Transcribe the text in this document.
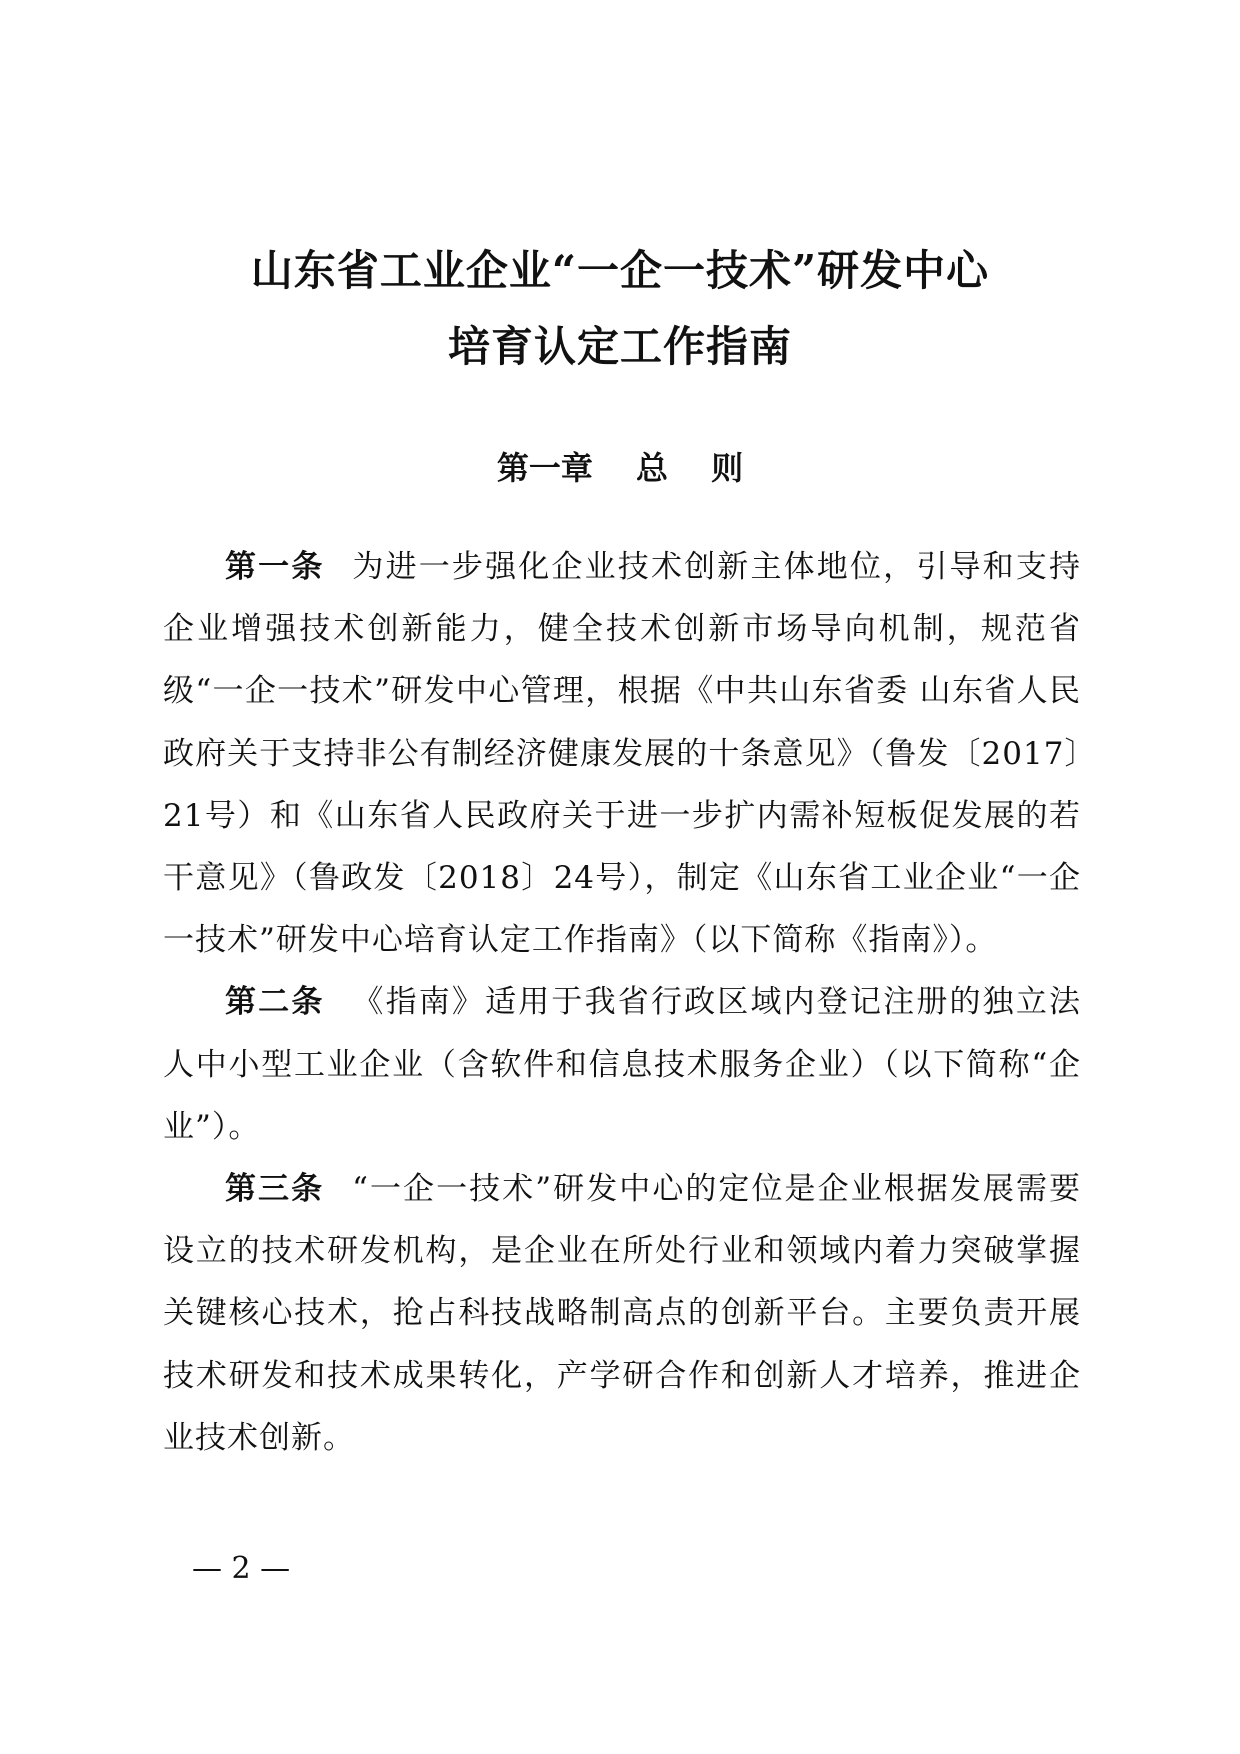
山东省工业企业“一企一技术”研发中心
培育认定工作指南
第一章　 总　 则

第一条 为进一步强化企业技术创新主体地位，引导和支持企业增强技术创新能力，健全技术创新市场导向机制，规范省级“一企一技术”研发中心管理，根据《中共山东省委 山东省人民政府关于支持非公有制经济健康发展的十条意见》（鲁发〔2017〕21号）和《山东省人民政府关于进一步扩内需补短板促发展的若干意见》（鲁政发〔2018〕24号），制定《山东省工业企业“一企一技术”研发中心培育认定工作指南》（以下简称《指南》）。

第二条 《指南》适用于我省行政区域内登记注册的独立法人中小型工业企业（含软件和信息技术服务企业）（以下简称“企业”）。

第三条 “一企一技术”研发中心的定位是企业根据发展需要设立的技术研发机构，是企业在所处行业和领域内着力突破掌握关键核心技术，抢占科技战略制高点的创新平台。主要负责开展技术研发和技术成果转化，产学研合作和创新人才培养，推进企业技术创新。

— 2 —
